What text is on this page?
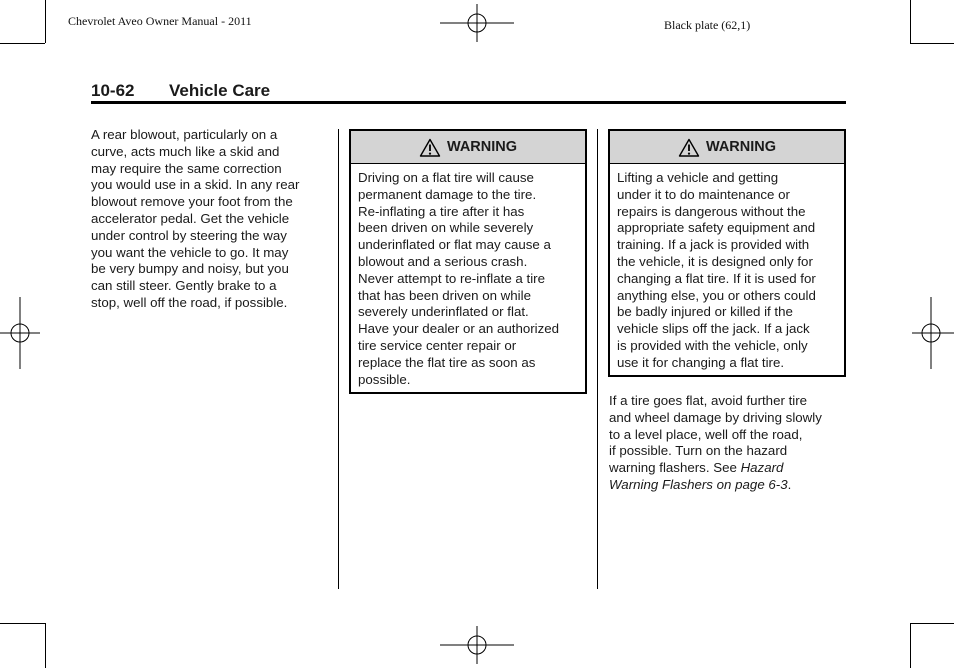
Chevrolet Aveo Owner Manual - 2011	Black plate (62,1)
10-62 Vehicle Care
A rear blowout, particularly on a
curve, acts much like a skid and
may require the same correction
you would use in a skid. In any rear
blowout remove your foot from the
accelerator pedal. Get the vehicle
under control by steering the way
you want the vehicle to go. It may
be very bumpy and noisy, but you
can still steer. Gently brake to a
stop, well off the road, if possible.
WARNING
Driving on a flat tire will cause
permanent damage to the tire.
Re-inflating a tire after it has
been driven on while severely
underinflated or flat may cause a
blowout and a serious crash.
Never attempt to re-inflate a tire
that has been driven on while
severely underinflated or flat.
Have your dealer or an authorized
tire service center repair or
replace the flat tire as soon as
possible.
WARNING
Lifting a vehicle and getting
under it to do maintenance or
repairs is dangerous without the
appropriate safety equipment and
training. If a jack is provided with
the vehicle, it is designed only for
changing a flat tire. If it is used for
anything else, you or others could
be badly injured or killed if the
vehicle slips off the jack. If a jack
is provided with the vehicle, only
use it for changing a flat tire.
If a tire goes flat, avoid further tire
and wheel damage by driving slowly
to a level place, well off the road,
if possible. Turn on the hazard
warning flashers. See Hazard
Warning Flashers on page 6-3.
